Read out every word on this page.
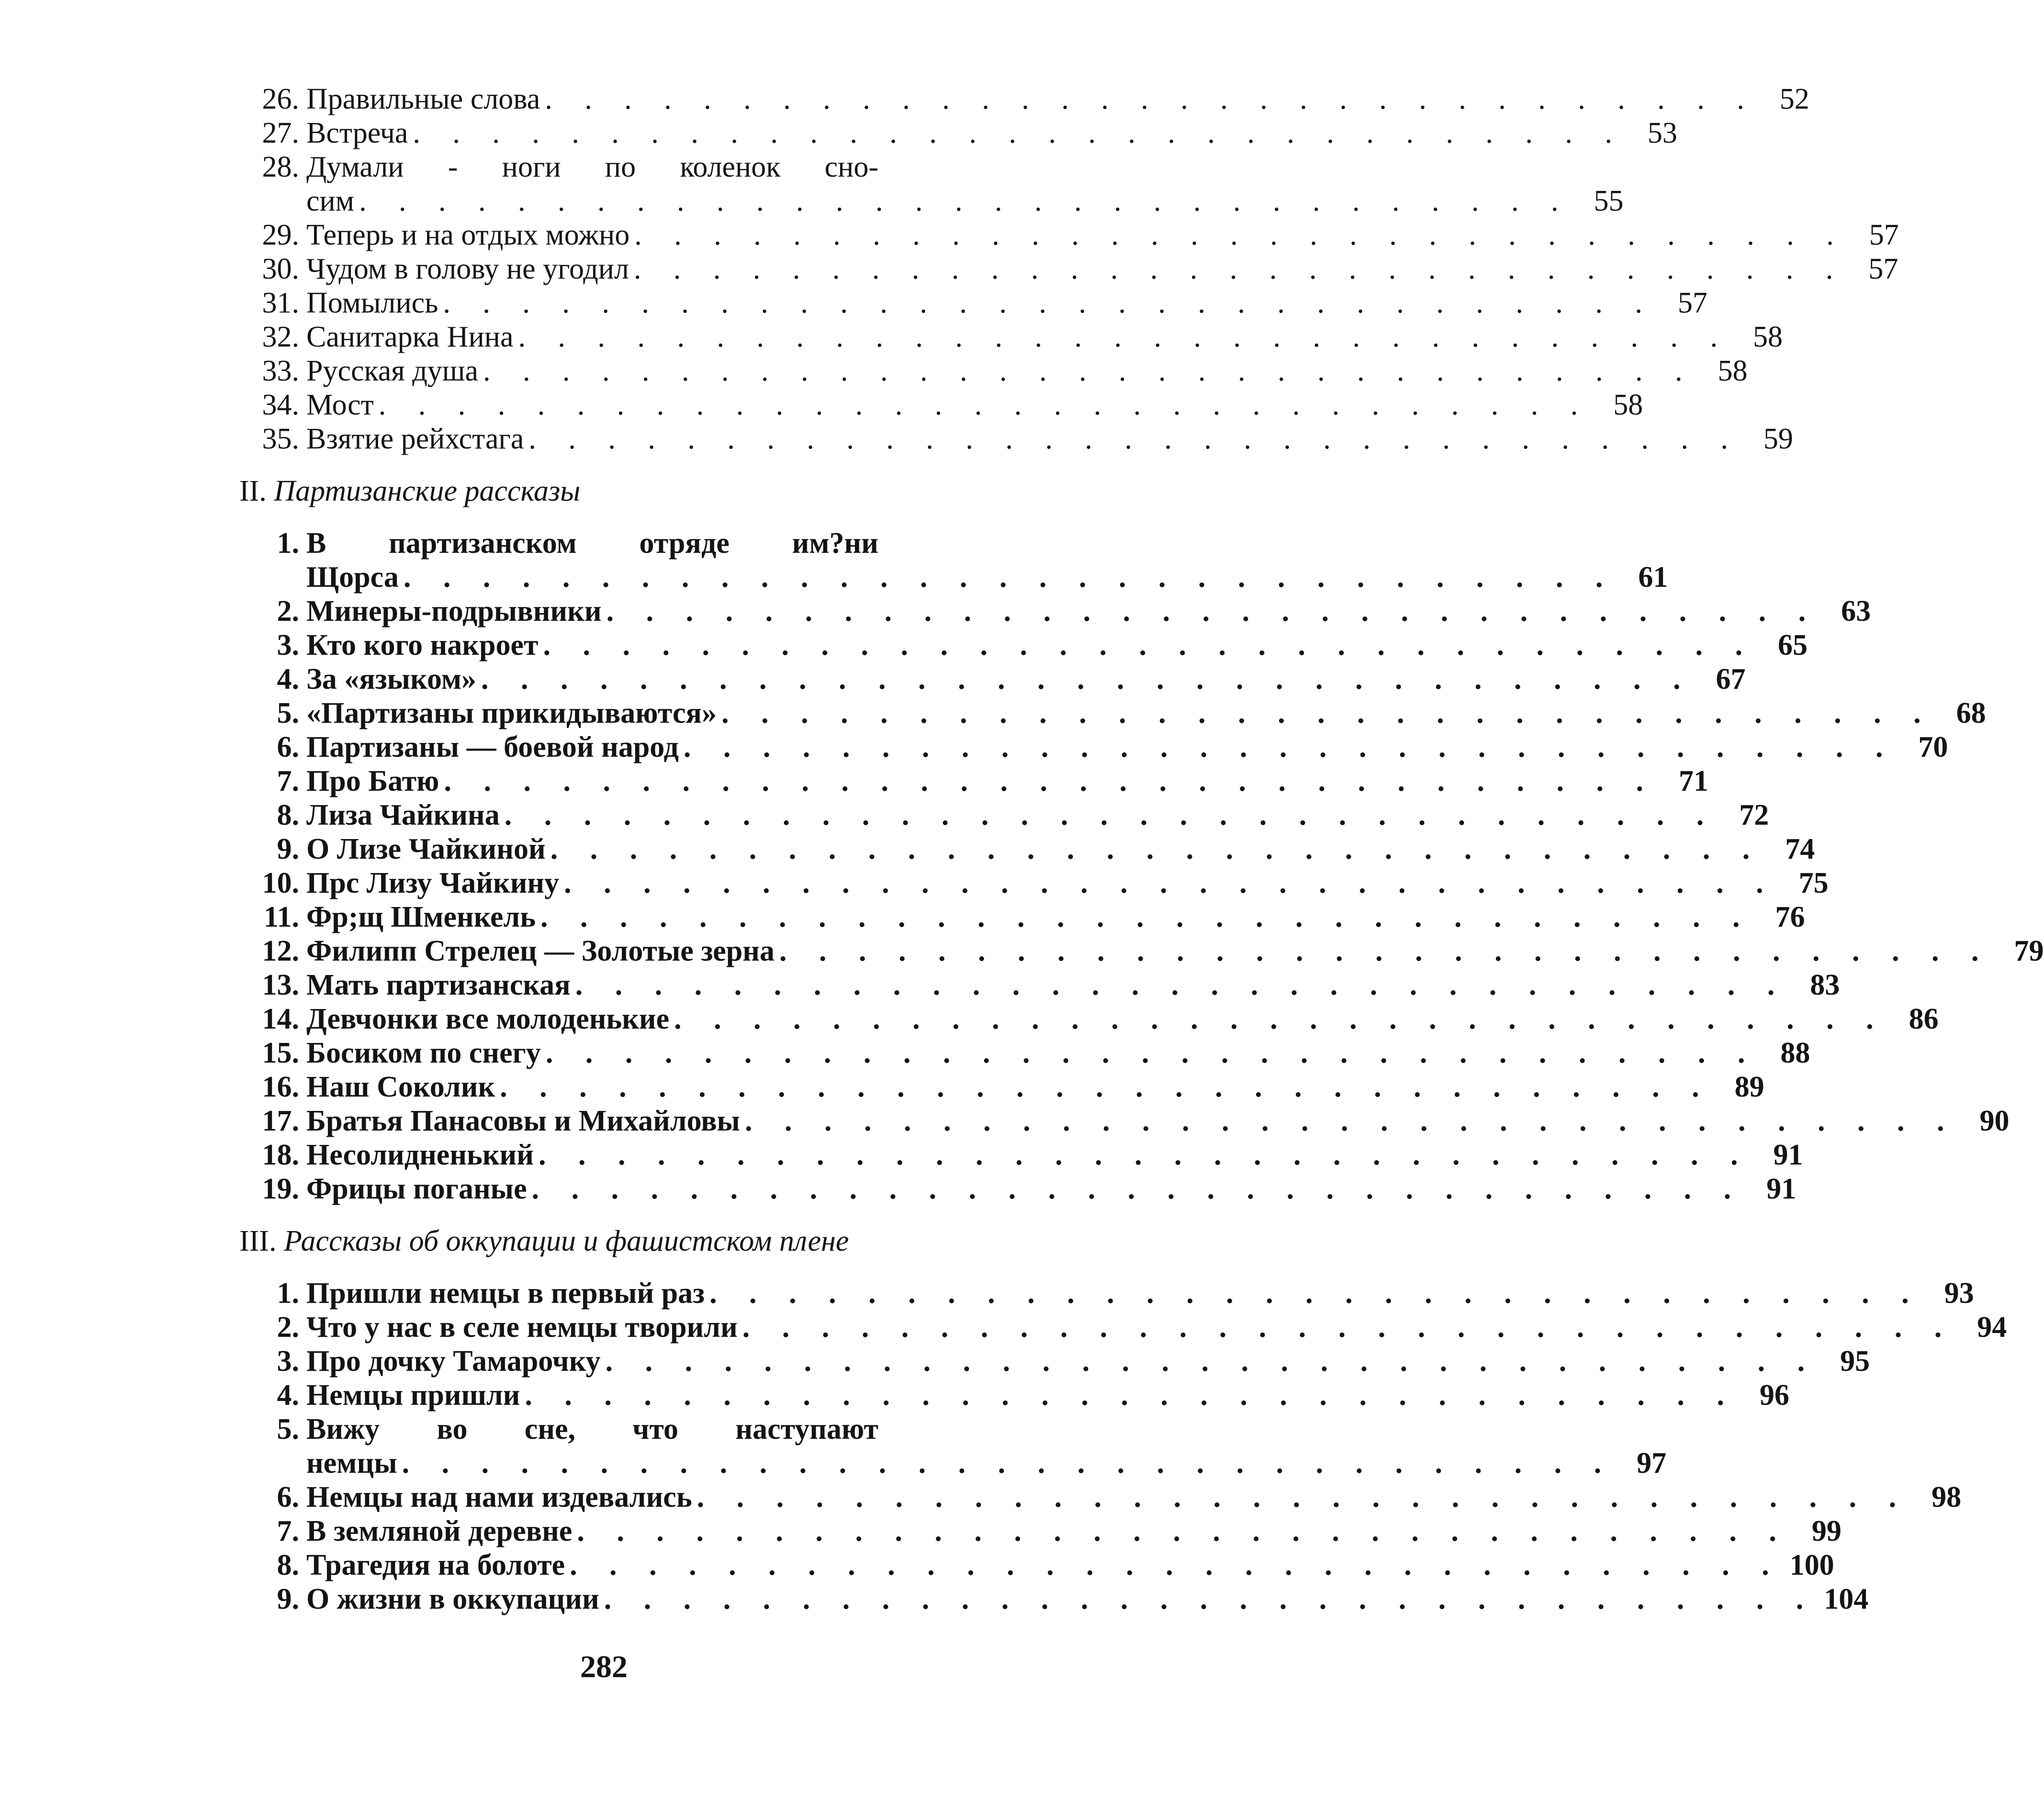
26. Правильные слова . . . . . . . . . . . . . . . . . . . . . . . . . . . . . . . 52
27. Встреча . . . . . . . . . . . . . . . . . . . . . . . . . . . . . . . 53
28. Думали - ноги по коленок сно-
сим . . . . . . . . . . . . . . . . . . . . . . . . . . . . . . . 55
29. Теперь и на отдых можно . . . . . . . . . . . . . . . . . . . . . . . . . . . . . . . 57
30. Чудом в голову не угодил . . . . . . . . . . . . . . . . . . . . . . . . . . . . . . . 57
31. Помылись . . . . . . . . . . . . . . . . . . . . . . . . . . . . . . . 57
32. Санитарка Нина . . . . . . . . . . . . . . . . . . . . . . . . . . . . . . . 58
33. Русская душа . . . . . . . . . . . . . . . . . . . . . . . . . . . . . . . 58
34. Мост . . . . . . . . . . . . . . . . . . . . . . . . . . . . . . . 58
35. Взятие рейхстага . . . . . . . . . . . . . . . . . . . . . . . . . . . . . . . 59
II. Партизанские рассказы
1. В партизанском отряде им?ни
Щорса . . . . . . . . . . . . . . . . . . . . . . . . . . . . . . . 61
2. Минеры-подрывники . . . . . . . . . . . . . . . . . . . . . . . . . . . . . . . 63
3. Кто кого накроет . . . . . . . . . . . . . . . . . . . . . . . . . . . . . . . 65
4. За «языком» . . . . . . . . . . . . . . . . . . . . . . . . . . . . . . . 67
5. «Партизаны прикидываются» . . . . . . . . . . . . . . . . . . . . . . . . . . . . . . . 68
6. Партизаны — боевой народ . . . . . . . . . . . . . . . . . . . . . . . . . . . . . . . 70
7. Про Батю . . . . . . . . . . . . . . . . . . . . . . . . . . . . . . . 71
8. Лиза Чайкина . . . . . . . . . . . . . . . . . . . . . . . . . . . . . . . 72
9. О Лизе Чайкиной . . . . . . . . . . . . . . . . . . . . . . . . . . . . . . . 74
10. Прс Лизу Чайкину . . . . . . . . . . . . . . . . . . . . . . . . . . . . . . . 75
11. Фр;щ Шменкель . . . . . . . . . . . . . . . . . . . . . . . . . . . . . . . 76
12. Филипп Стрелец — Золотые зерна . . . . . . . . . . . . . . . . . . . . . . . . . . . . . . . 79
13. Мать партизанская . . . . . . . . . . . . . . . . . . . . . . . . . . . . . . . 83
14. Девчонки все молоденькие . . . . . . . . . . . . . . . . . . . . . . . . . . . . . . . 86
15. Босиком по снегу . . . . . . . . . . . . . . . . . . . . . . . . . . . . . . . 88
16. Наш Соколик . . . . . . . . . . . . . . . . . . . . . . . . . . . . . . . 89
17. Братья Панасовы и Михайловы . . . . . . . . . . . . . . . . . . . . . . . . . . . . . . . 90
18. Несолидненький . . . . . . . . . . . . . . . . . . . . . . . . . . . . . . . 91
19. Фрицы поганые . . . . . . . . . . . . . . . . . . . . . . . . . . . . . . . 91
III. Рассказы об оккупации и фашистском плене
1. Пришли немцы в первый раз . . . . . . . . . . . . . . . . . . . . . . . . . . . . . . . 93
2. Что у нас в селе немцы творили . . . . . . . . . . . . . . . . . . . . . . . . . . . . . . . 94
3. Про дочку Тамарочку . . . . . . . . . . . . . . . . . . . . . . . . . . . . . . . 95
4. Немцы пришли . . . . . . . . . . . . . . . . . . . . . . . . . . . . . . . 96
5. Вижу во сне, что наступают
немцы . . . . . . . . . . . . . . . . . . . . . . . . . . . . . . . 97
6. Немцы над нами издевались . . . . . . . . . . . . . . . . . . . . . . . . . . . . . . . 98
7. В земляной деревне . . . . . . . . . . . . . . . . . . . . . . . . . . . . . . . 99
8. Трагедия на болоте . . . . . . . . . . . . . . . . . . . . . . . . . . . . . . . 100
9. О жизни в оккупации . . . . . . . . . . . . . . . . . . . . . . . . . . . . . . . 104
282
